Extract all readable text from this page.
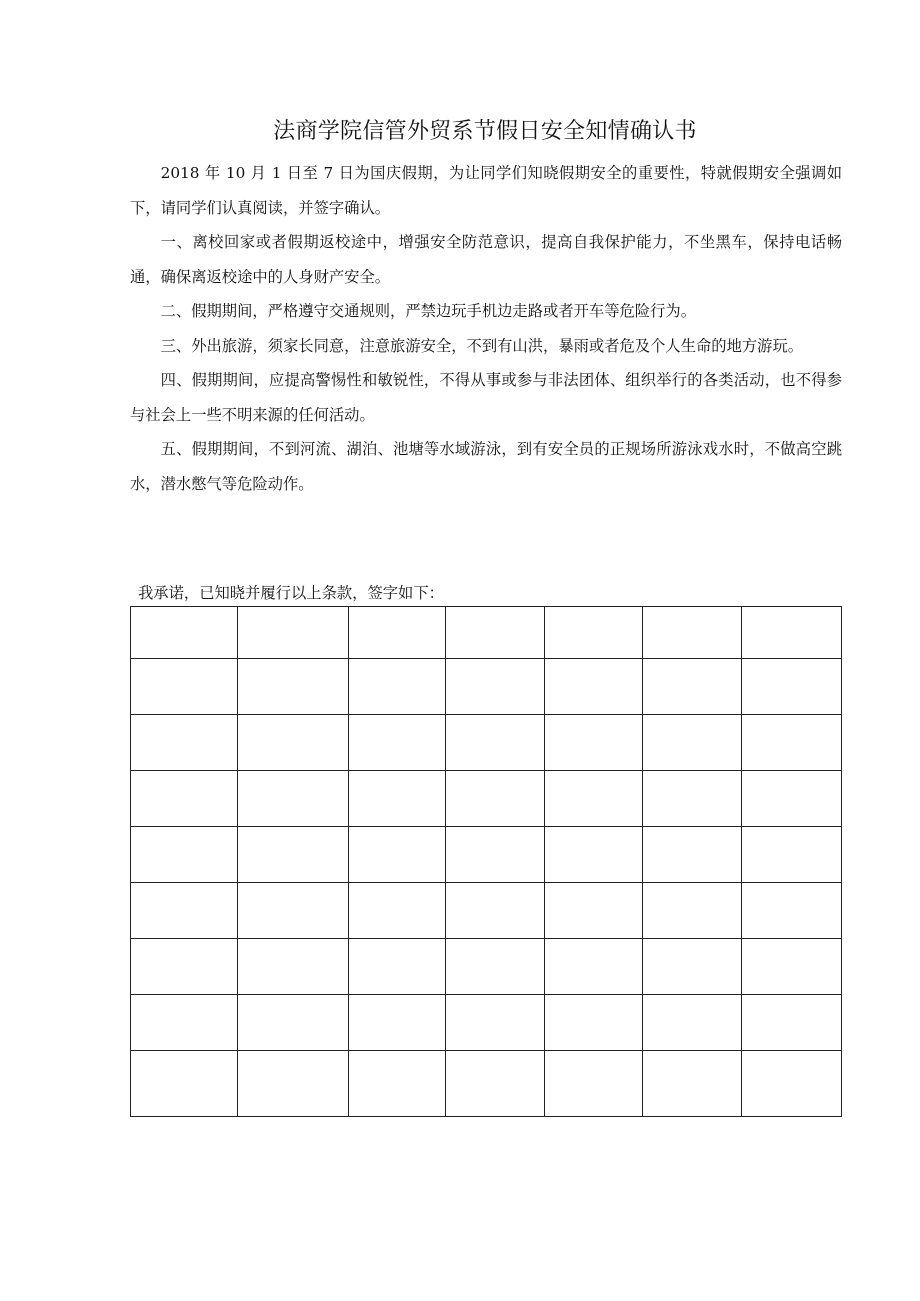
法商学院信管外贸系节假日安全知情确认书

2018 年 10 月 1 日至 7 日为国庆假期，为让同学们知晓假期安全的重要性，特就假期安全强调如下，请同学们认真阅读，并签字确认。

一、离校回家或者假期返校途中，增强安全防范意识，提高自我保护能力，不坐黑车，保持电话畅通，确保离返校途中的人身财产安全。

二、假期期间，严格遵守交通规则，严禁边玩手机边走路或者开车等危险行为。

三、外出旅游，须家长同意，注意旅游安全，不到有山洪，暴雨或者危及个人生命的地方游玩。

四、假期期间，应提高警惕性和敏锐性，不得从事或参与非法团体、组织举行的各类活动，也不得参与社会上一些不明来源的任何活动。

五、假期期间，不到河流、湖泊、池塘等水域游泳，到有安全员的正规场所游泳戏水时，不做高空跳水，潜水憋气等危险动作。

我承诺，已知晓并履行以上条款，签字如下：
